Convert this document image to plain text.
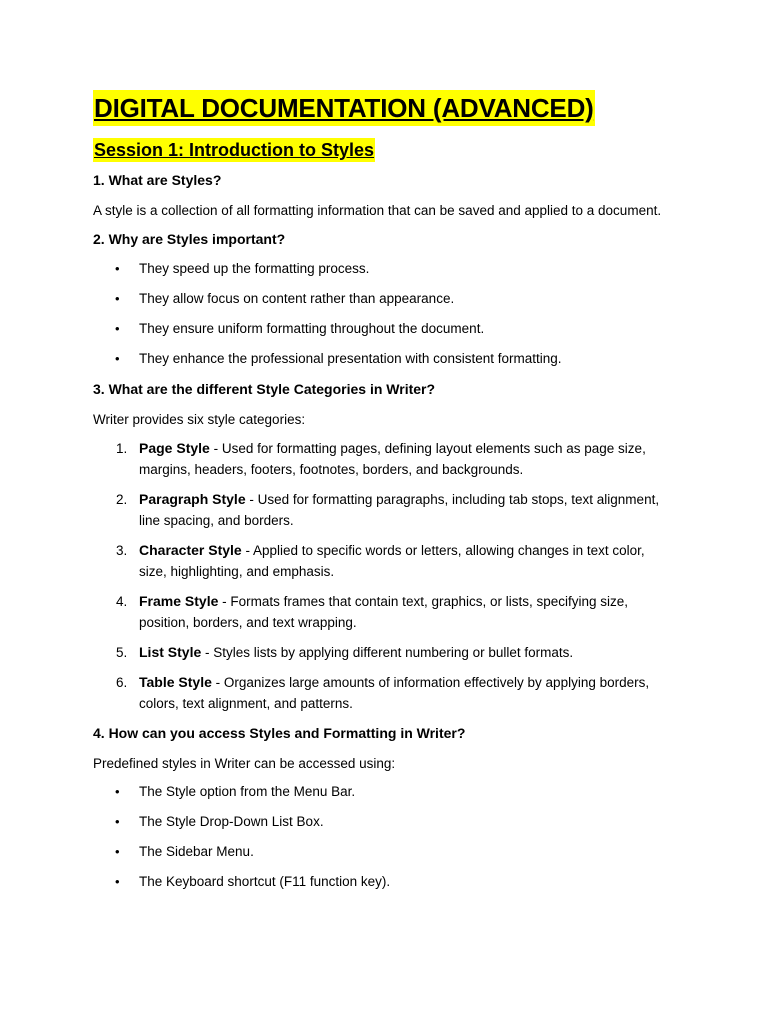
DIGITAL DOCUMENTATION (ADVANCED)
Session 1: Introduction to Styles
1. What are Styles?
A style is a collection of all formatting information that can be saved and applied to a document.
2. Why are Styles important?
• They speed up the formatting process.
• They allow focus on content rather than appearance.
• They ensure uniform formatting throughout the document.
• They enhance the professional presentation with consistent formatting.
3. What are the different Style Categories in Writer?
Writer provides six style categories:
1. Page Style - Used for formatting pages, defining layout elements such as page size, margins, headers, footers, footnotes, borders, and backgrounds.
2. Paragraph Style - Used for formatting paragraphs, including tab stops, text alignment, line spacing, and borders.
3. Character Style - Applied to specific words or letters, allowing changes in text color, size, highlighting, and emphasis.
4. Frame Style - Formats frames that contain text, graphics, or lists, specifying size, position, borders, and text wrapping.
5. List Style - Styles lists by applying different numbering or bullet formats.
6. Table Style - Organizes large amounts of information effectively by applying borders, colors, text alignment, and patterns.
4. How can you access Styles and Formatting in Writer?
Predefined styles in Writer can be accessed using:
• The Style option from the Menu Bar.
• The Style Drop-Down List Box.
• The Sidebar Menu.
• The Keyboard shortcut (F11 function key).
